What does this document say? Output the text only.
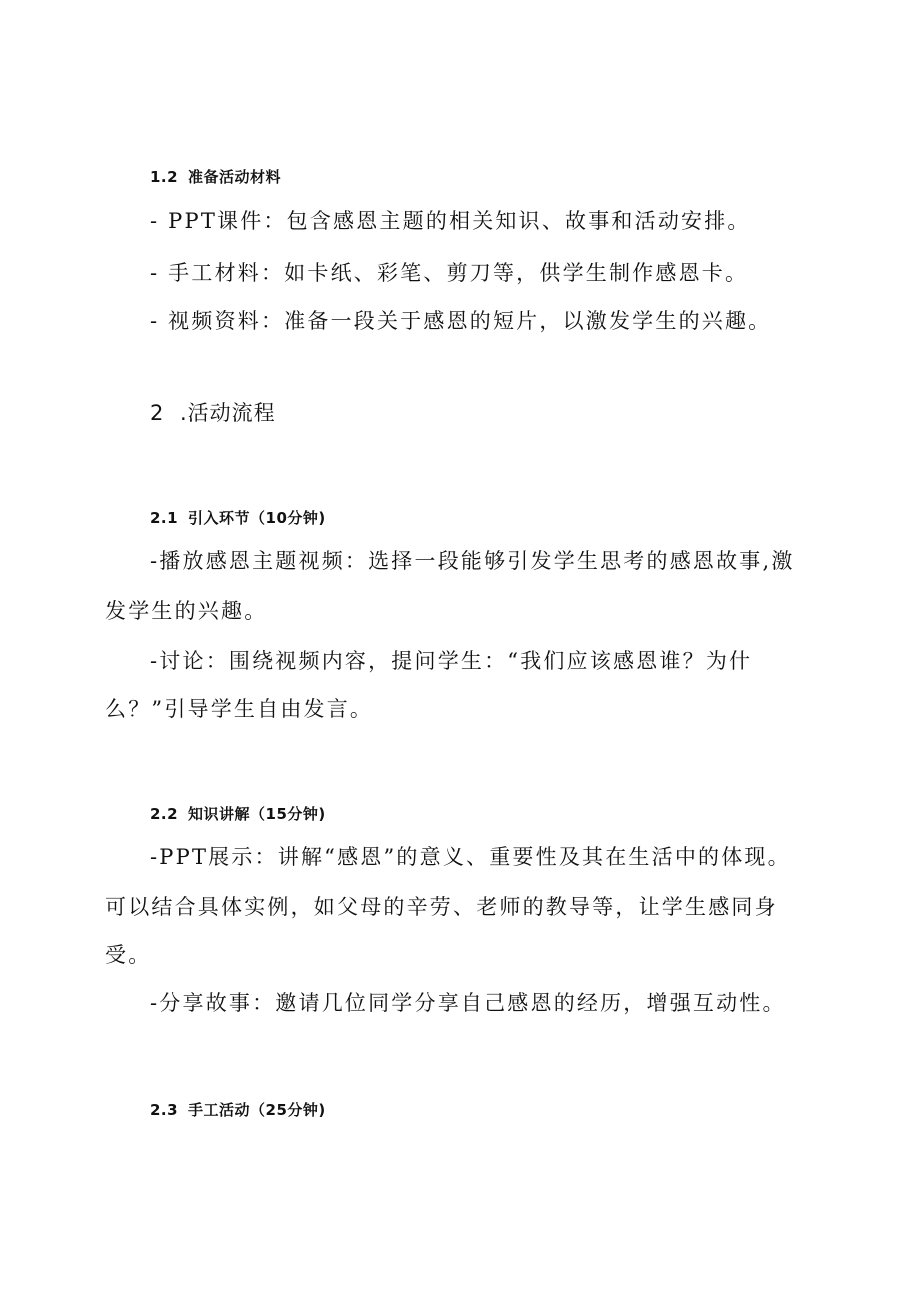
1.2 准备活动材料
- PPT课件：包含感恩主题的相关知识、故事和活动安排。
- 手工材料：如卡纸、彩笔、剪刀等，供学生制作感恩卡。
- 视频资料：准备一段关于感恩的短片，以激发学生的兴趣。
2 .活动流程
2.1 引入环节（10分钟)
-播放感恩主题视频：选择一段能够引发学生思考的感恩故事,激
发学生的兴趣。
-讨论：围绕视频内容，提问学生：“我们应该感恩谁？为什
么？”引导学生自由发言。
2.2 知识讲解（15分钟)
-PPT展示：讲解“感恩”的意义、重要性及其在生活中的体现。
可以结合具体实例，如父母的辛劳、老师的教导等，让学生感同身
受。
-分享故事：邀请几位同学分享自己感恩的经历，增强互动性。
2.3 手工活动（25分钟)
